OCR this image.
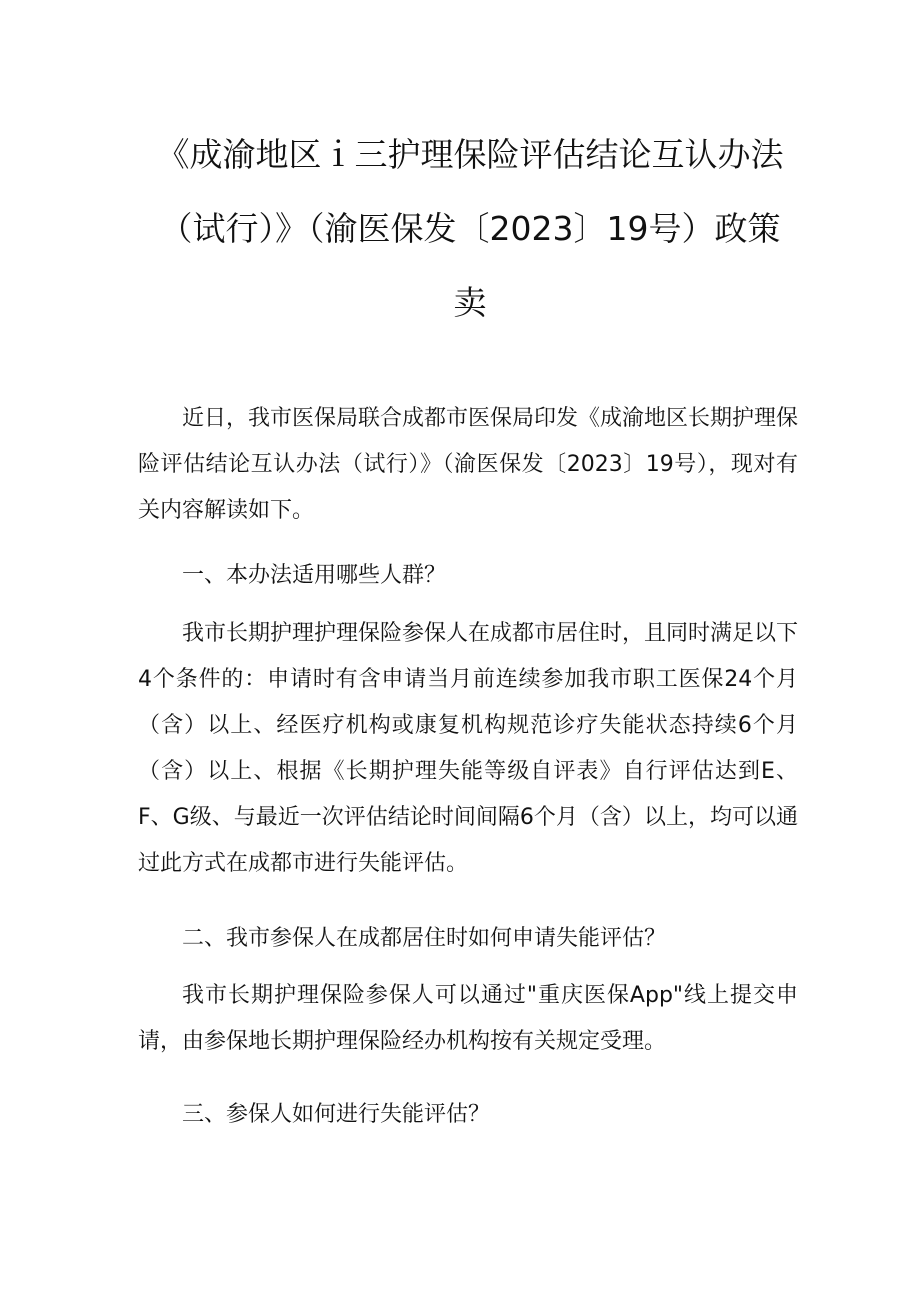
《成渝地区ｉ三护理保险评估结论互认办法
（试行）》（渝医保发〔2023〕19号）政策
卖

近日，我市医保局联合成都市医保局印发《成渝地区长期护理保险评估结论互认办法（试行）》（渝医保发〔2023〕19号），现对有关内容解读如下。

一、本办法适用哪些人群？

我市长期护理护理保险参保人在成都市居住时，且同时满足以下4个条件的：申请时有含申请当月前连续参加我市职工医保24个月（含）以上、经医疗机构或康复机构规范诊疗失能状态持续6个月（含）以上、根据《长期护理失能等级自评表》自行评估达到E、F、G级、与最近一次评估结论时间间隔6个月（含）以上，均可以通过此方式在成都市进行失能评估。

二、我市参保人在成都居住时如何申请失能评估？

我市长期护理保险参保人可以通过"重庆医保App"线上提交申请，由参保地长期护理保险经办机构按有关规定受理。

三、参保人如何进行失能评估？
